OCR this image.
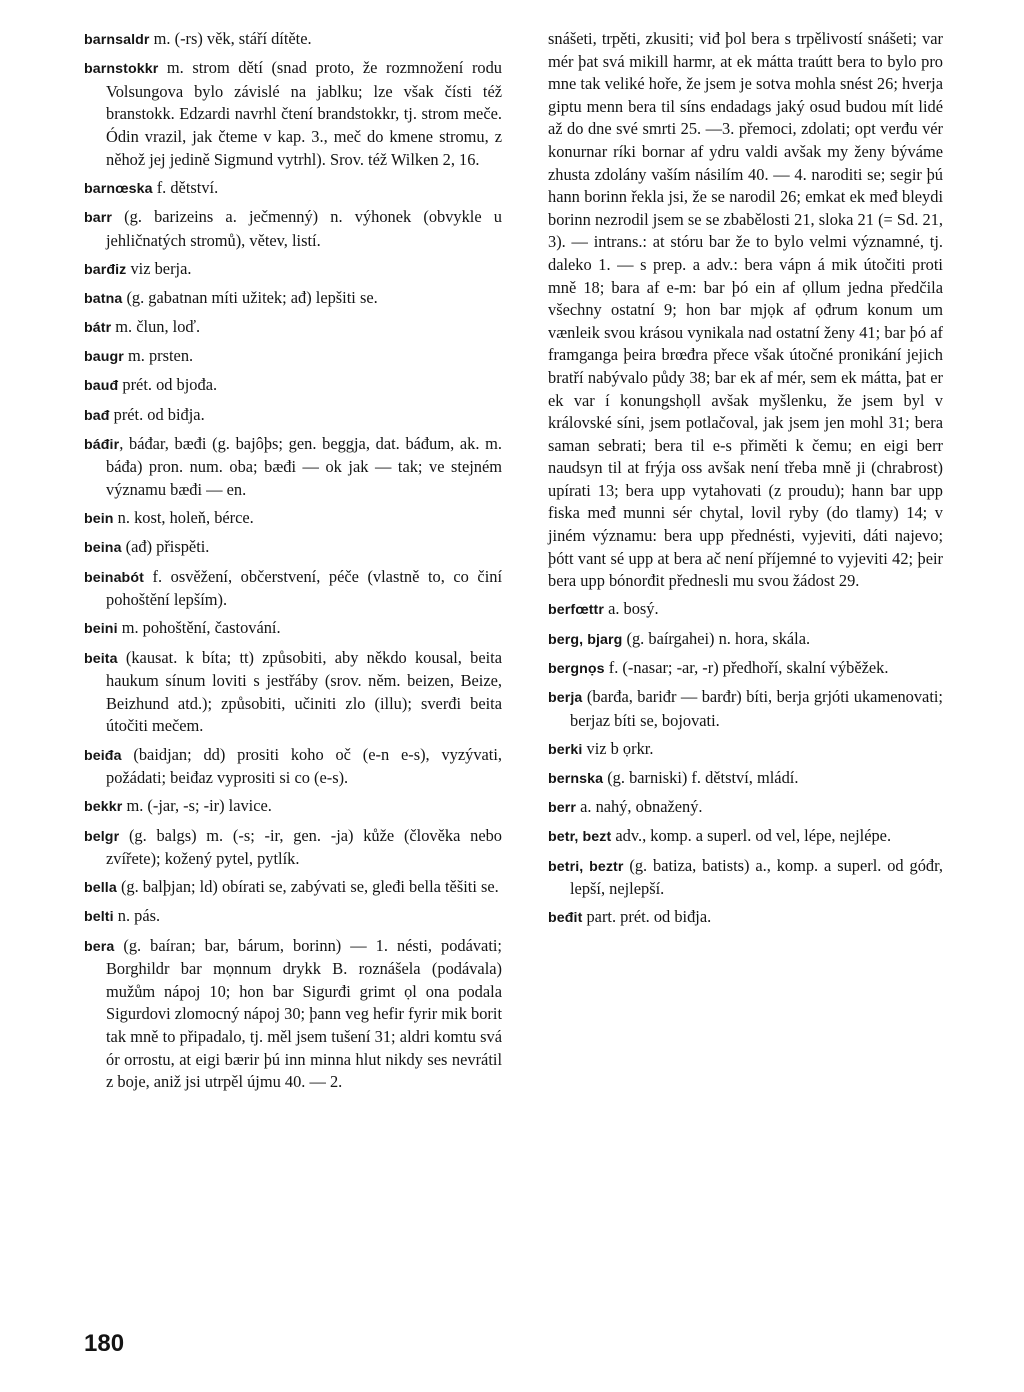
barnsaldr m. (-rs) věk, stáří dítěte.

barnstokkr m. strom dětí (snad proto, že rozmnožení rodu Volsungova bylo závislé na jablku; lze však čísti též branstokk. Edzardi navrhl čtení brandstokkr, tj. strom meče. Ódin vrazil, jak čteme v kap. 3., meč do kmene stromu, z něhož jej jedině Sigmund vytrhl). Srov. též Wilken 2, 16.

barnœska f. dětství.

barr (g. barizeins a. ječmenný) n. výhonek (obvykle u jehličnatých stromů), větev, listí.

barđiz viz berja.

batna (g. gabatnan míti užitek; ađ) lepšiti se.

bátr m. člun, loď.

baugr m. prsten.

bauđ prét. od bjođa.

bađ prét. od biđja.

báđir, báđar, bæđi (g. bajôþs; gen. beggja, dat. báđum, ak. m. báđa) pron. num. oba; bæđi — ok jak — tak; ve stejném významu bæđi — en.

bein n. kost, holeň, bérce.

beina (ađ) přispěti.

beinabót f. osvěžení, občerstvení, péče (vlastně to, co činí pohoštění lepším).

beini m. pohoštění, častování.

beita (kausat. k bíta; tt) způsobiti, aby někdo kousal, beita haukum sínum loviti s jestřáby (srov. něm. beizen, Beize, Beizhund atd.); způsobiti, učiniti zlo (illu); sverđi beita útočiti mečem.

beiđa (baidjan; dd) prositi koho oč (e-n e-s), vyzývati, požádati; beiđaz vyprositi si co (e-s).

bekkr m. (-jar, -s; -ir) lavice.

belgr (g. balgs) m. (-s; -ir, gen. -ja) kůže (člověka nebo zvířete); kožený pytel, pytlík.

bella (g. balþjan; ld) obírati se, zabývati se, gleđi bella těšiti se.

belti n. pás.

bera (g. baíran; bar, bárum, borinn) — 1. nésti, podávati; Borghildr bar mọnnum drykk B. roznášela (podávala) mužům nápoj 10; hon bar Sigurđi grimt ọl ona podala Sigurdovi zlomocný nápoj 30; þann veg hefir fyrir mik borit tak mně to připadalo, tj. měl jsem tušení 31; aldri komtu svá ór orrostu, at eigi bærir þú inn minna hlut nikdy ses nevrátil z boje, aniž jsi utrpěl újmu 40. — 2.

snášeti, trpěti, zkusiti; viđ þol bera s trpělivostí snášeti; var mér þat svá mikill harmr, at ek mátta traútt bera to bylo pro mne tak veliké hoře, že jsem je sotva mohla snést 26; hverja giptu menn bera til síns endadags jaký osud budou mít lidé až do dne své smrti 25. —3. přemoci, zdolati; opt verđu vér konurnar ríki bornar af ydru valdi avšak my ženy býváme zhusta zdolány vaším násilím 40. — 4. naroditi se; segir þú hann borinn řekla jsi, že se narodil 26; emkat ek međ bleydi borinn nezrodil jsem se se zbabělosti 21, sloka 21 (= Sd. 21, 3). — intrans.: at stóru bar že to bylo velmi významné, tj. daleko 1. — s prep. a adv.: bera vápn á mik útočiti proti mně 18; bara af e-m: bar þó ein af ọllum jedna předčila všechny ostatní 9; hon bar mjọk af ọđrum konum um vænleik svou krásou vynikala nad ostatní ženy 41; bar þó af framganga þeira brœđra přece však útočné pronikání jejich bratří nabývalo půdy 38; bar ek af mér, sem ek mátta, þat er ek var í konungshọll avšak myšlenku, že jsem byl v královské síni, jsem potlačoval, jak jsem jen mohl 31; bera saman sebrati; bera til e-s přiměti k čemu; en eigi berr naudsyn til at frýja oss avšak není třeba mně ji (chrabrost) upírati 13; bera upp vytahovati (z proudu); hann bar upp fiska međ munni sér chytal, lovil ryby (do tlamy) 14; v jiném významu: bera upp přednésti, vyjeviti, dáti najevo; þótt vant sé upp at bera ač není příjemné to vyjeviti 42; þeir bera upp bónorđit přednesli mu svou žádost 29.

berfœttr a. bosý.

berg, bjarg (g. baírgahei) n. hora, skála.

bergnọs f. (-nasar; -ar, -r) předhoří, skalní výběžek.

berja (barđa, bariđr — barđr) bíti, berja grjóti ukamenovati; berjaz bíti se, bojovati.

berki viz b ọrkr.

bernska (g. barniski) f. dětství, mládí.

berr a. nahý, obnažený.

betr, bezt adv., komp. a superl. od vel, lépe, nejlépe.

betri, beztr (g. batiza, batists) a., komp. a superl. od góđr, lepší, nejlepší.

beđit part. prét. od biđja.

180
